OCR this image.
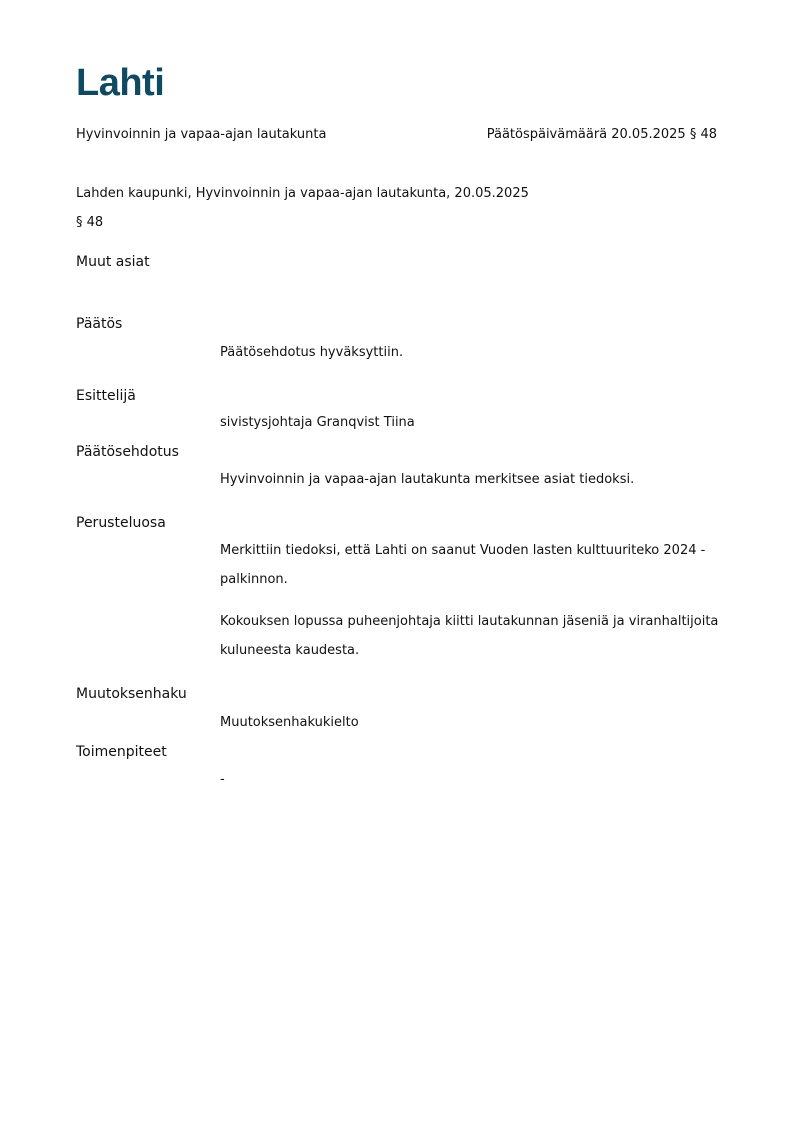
Lahti
Hyvinvoinnin ja vapaa-ajan lautakunta	Päätöspäivämäärä 20.05.2025 § 48
Lahden kaupunki, Hyvinvoinnin ja vapaa-ajan lautakunta, 20.05.2025
§ 48
Muut asiat
Päätös
Päätösehdotus hyväksyttiin.
Esittelijä
sivistysjohtaja Granqvist Tiina
Päätösehdotus
Hyvinvoinnin ja vapaa-ajan lautakunta merkitsee asiat tiedoksi.
Perusteluosa
Merkittiin tiedoksi, että Lahti on saanut Vuoden lasten kulttuuriteko 2024 -palkinnon.
Kokouksen lopussa puheenjohtaja kiitti lautakunnan jäseniä ja viranhaltijoita kuluneesta kaudesta.
Muutoksenhaku
Muutoksenhakukielto
Toimenpiteet
-
